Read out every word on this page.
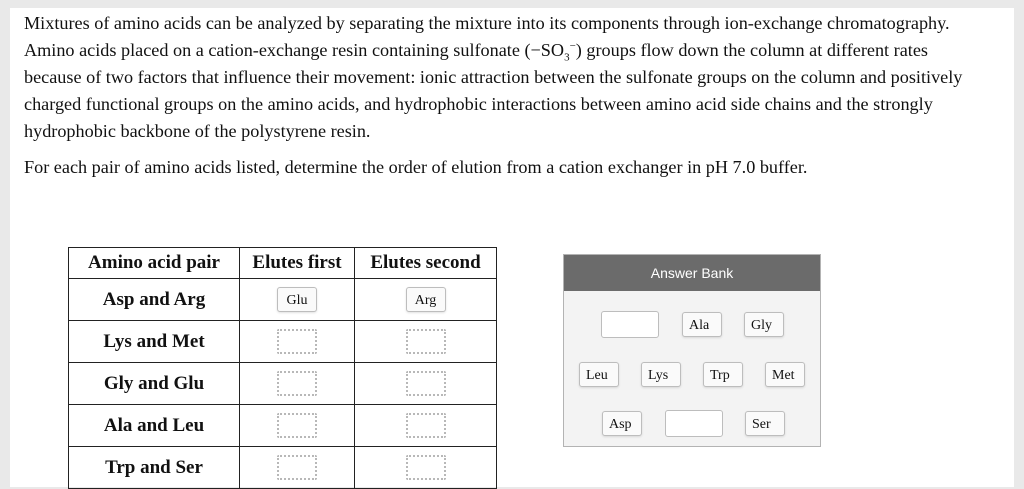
Mixtures of amino acids can be analyzed by separating the mixture into its components through ion-exchange chromatography. Amino acids placed on a cation-exchange resin containing sulfonate $(-SO_3^-)$ groups flow down the column at different rates because of two factors that influence their movement: ionic attraction between the sulfonate groups on the column and positively charged functional groups on the amino acids, and hydrophobic interactions between amino acid side chains and the strongly hydrophobic backbone of the polystyrene resin.

For each pair of amino acids listed, determine the order of elution from a cation exchanger in pH 7.0 buffer.

Amino acid pair	Elutes first	Elutes second
Asp and Arg	Glu	Arg
Lys and Met		
Gly and Glu		
Ala and Leu		
Trp and Ser		
Answer Bank
Ala	Gly
Leu	Lys	Trp	Met
Asp	Ser
